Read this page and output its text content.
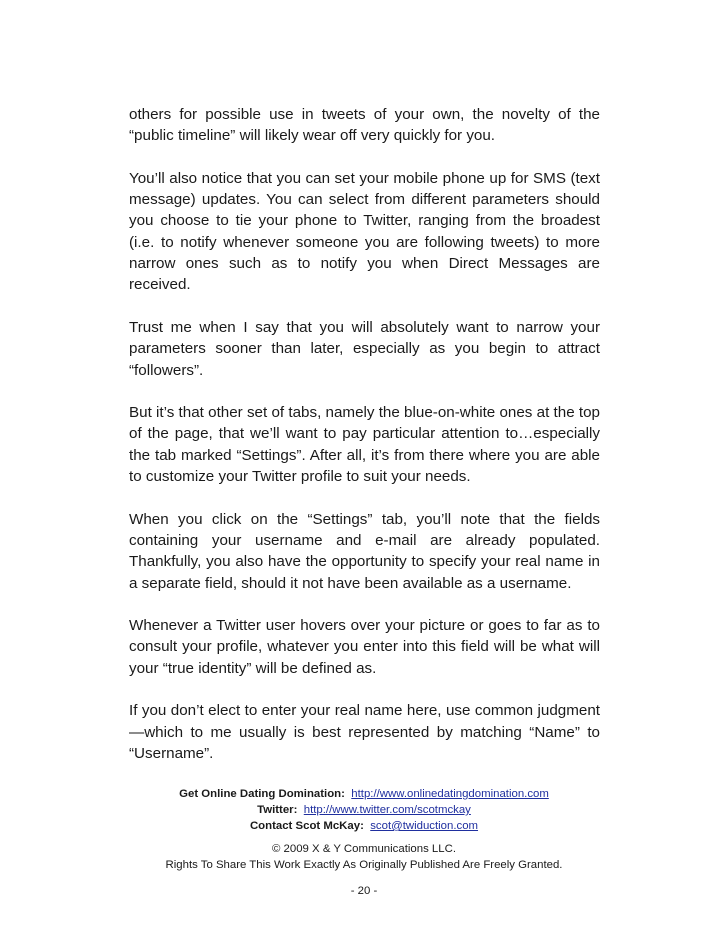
others for possible use in tweets of your own, the novelty of the “public timeline” will likely wear off very quickly for you.

You’ll also notice that you can set your mobile phone up for SMS (text message) updates. You can select from different parameters should you choose to tie your phone to Twitter, ranging from the broadest (i.e. to notify whenever someone you are following tweets) to more narrow ones such as to notify you when Direct Messages are received.

Trust me when I say that you will absolutely want to narrow your parameters sooner than later, especially as you begin to attract “followers”.

But it’s that other set of tabs, namely the blue-on-white ones at the top of the page, that we’ll want to pay particular attention to…especially the tab marked “Settings”. After all, it’s from there where you are able to customize your Twitter profile to suit your needs.

When you click on the “Settings” tab, you’ll note that the fields containing your username and e-mail are already populated. Thankfully, you also have the opportunity to specify your real name in a separate field, should it not have been available as a username.

Whenever a Twitter user hovers over your picture or goes to far as to consult your profile, whatever you enter into this field will be what will your “true identity” will be defined as.

If you don’t elect to enter your real name here, use common judgment—which to me usually is best represented by matching “Name” to “Username”.

Get Online Dating Domination: http://www.onlinedatingdomination.com
Twitter: http://www.twitter.com/scotmckay
Contact Scot McKay: scot@twiduction.com
© 2009 X & Y Communications LLC.
Rights To Share This Work Exactly As Originally Published Are Freely Granted.
- 20 -
